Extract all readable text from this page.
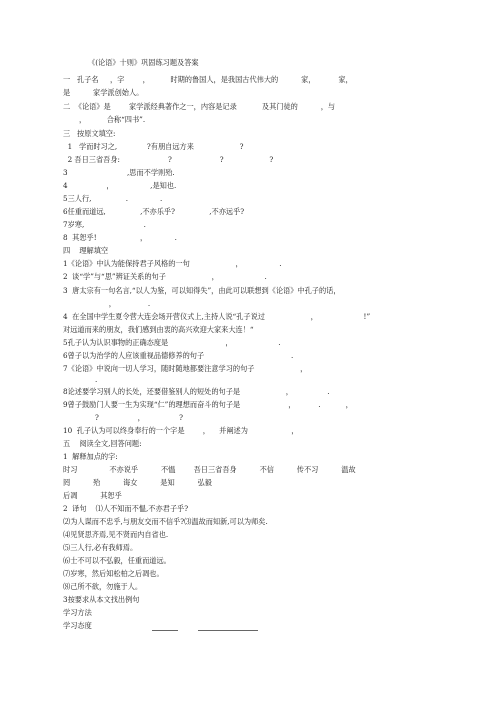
《(论语》十则》巩固练习题及答案
一   孔子名     ，字        ，         时期的鲁国人，是我国古代伟大的          家，          家，
是          家学派创始人。
二  《论语》是        家学派经典著作之一，内容是记录           及其门徒的          ，与
，         合称“四书”.
三   按原文填空:
1   学而时习之,             ?有朋自远方来                    ?
2 吾日三省吾身:                     ?                     ?                    ?
3                          ,思而不学则殆.
4                 ，                ,是知也.
5三人行,               .              .
6任重而道远,               ,不亦乐乎?               ,不亦远乎?
7岁寒,                          .
8  其恕乎!                   ，            .
四    理解填空
1《论语》中认为能保持君子风格的一句                    ，                .
2  谈“学”与“思”辨证关系的句子                    ，                    .
3  唐太宗有一句名言,“以人为鉴，可以知得失”，由此可以联想到《论语》中孔子的话，
，              .
4  在全国中学生夏令营大连会场开营仪式上,主持人说“孔子说过                    ，                    !”
对远道而来的朋友，我们感到由衷的高兴欢迎大家来大连！“
5孔子认为认识事物的正确态度是                         ，                    .
6曾子以为治学的人应该重视品德修养的句子                                      .
7《论语》中说向一切人学习，随时随地都要注意学习的句子                    ，
.
8论述要学习别人的长处，还要借鉴别人的短处的句子是                    ，               .
9曾子鼓励门人要一生为实现“仁”的理想而奋斗的句子是                     ，          .           ，
?                 ，               ?
10  孔子认为可以终身奉行的一个字是        ，    并阐述为                   ，
五    阅读全文,回答问题:
1  解释加点的字:
时习              不亦说乎          不愠        吾日三省吾身          不信          传不习          温故
罔          殆          诲女          是知          弘毅
后凋          其恕乎
2  译句    ⑴人不知而不愠,不亦君子乎?
⑵为人谋而不忠乎,与朋友交而不信乎?⑶温故而知新,可以为师矣.
⑷见贤思齐焉,见不贤而内自省也.
⑸三人行,必有我师焉。
⑹士不可以不弘毅，任重而道远。
⑺岁寒，然后知松柏之后凋也。
⑻己所不欲，勿施于人。
3按要求从本文找出例句
学习方法
学习态度
